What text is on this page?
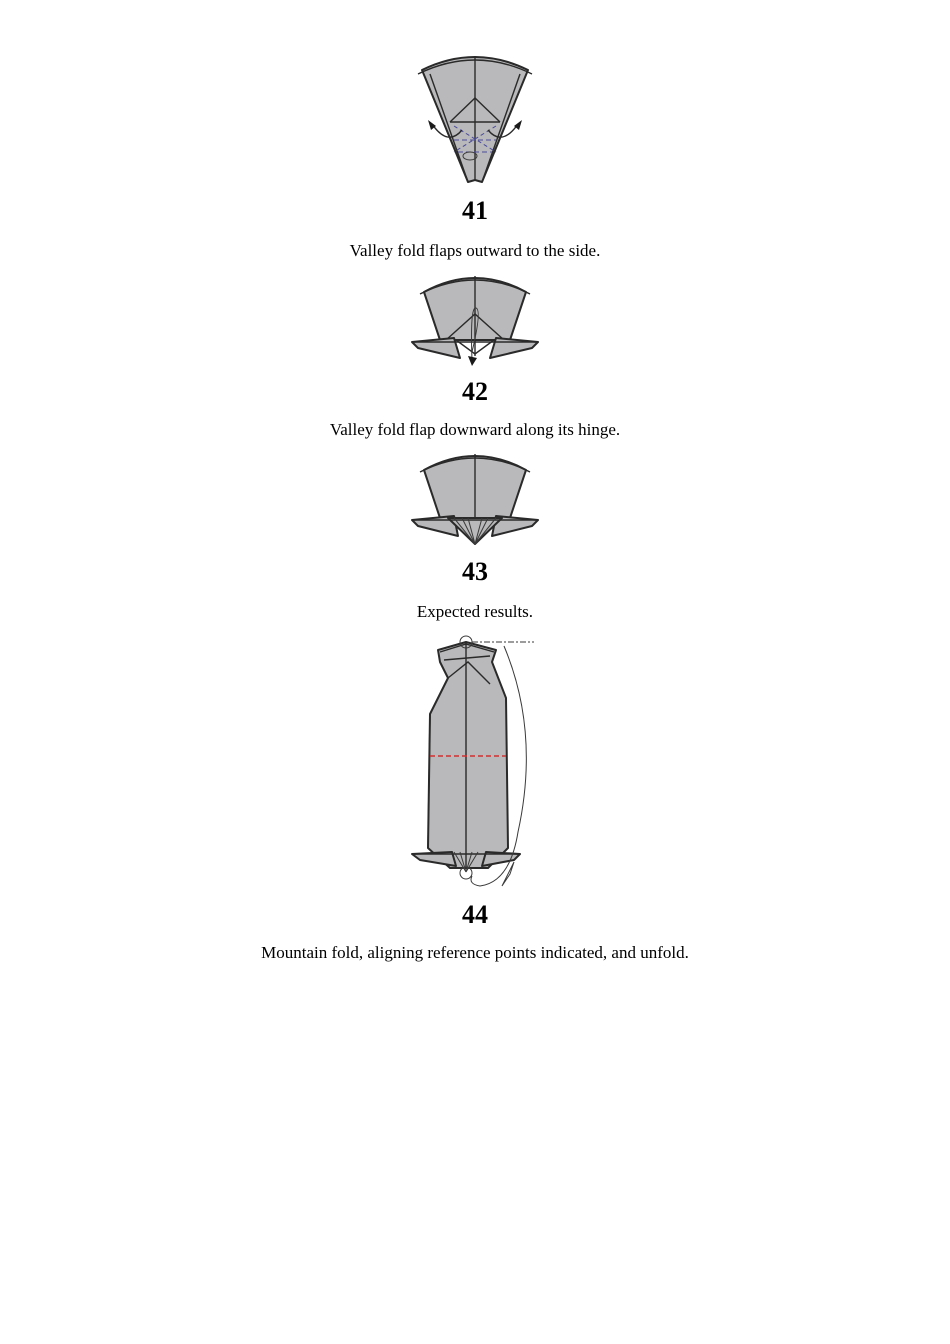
41
Valley fold flaps outward to the side.
42
Valley fold flap downward along its hinge.
43
Expected results.
44
Mountain fold, aligning reference points indicated, and unfold.
